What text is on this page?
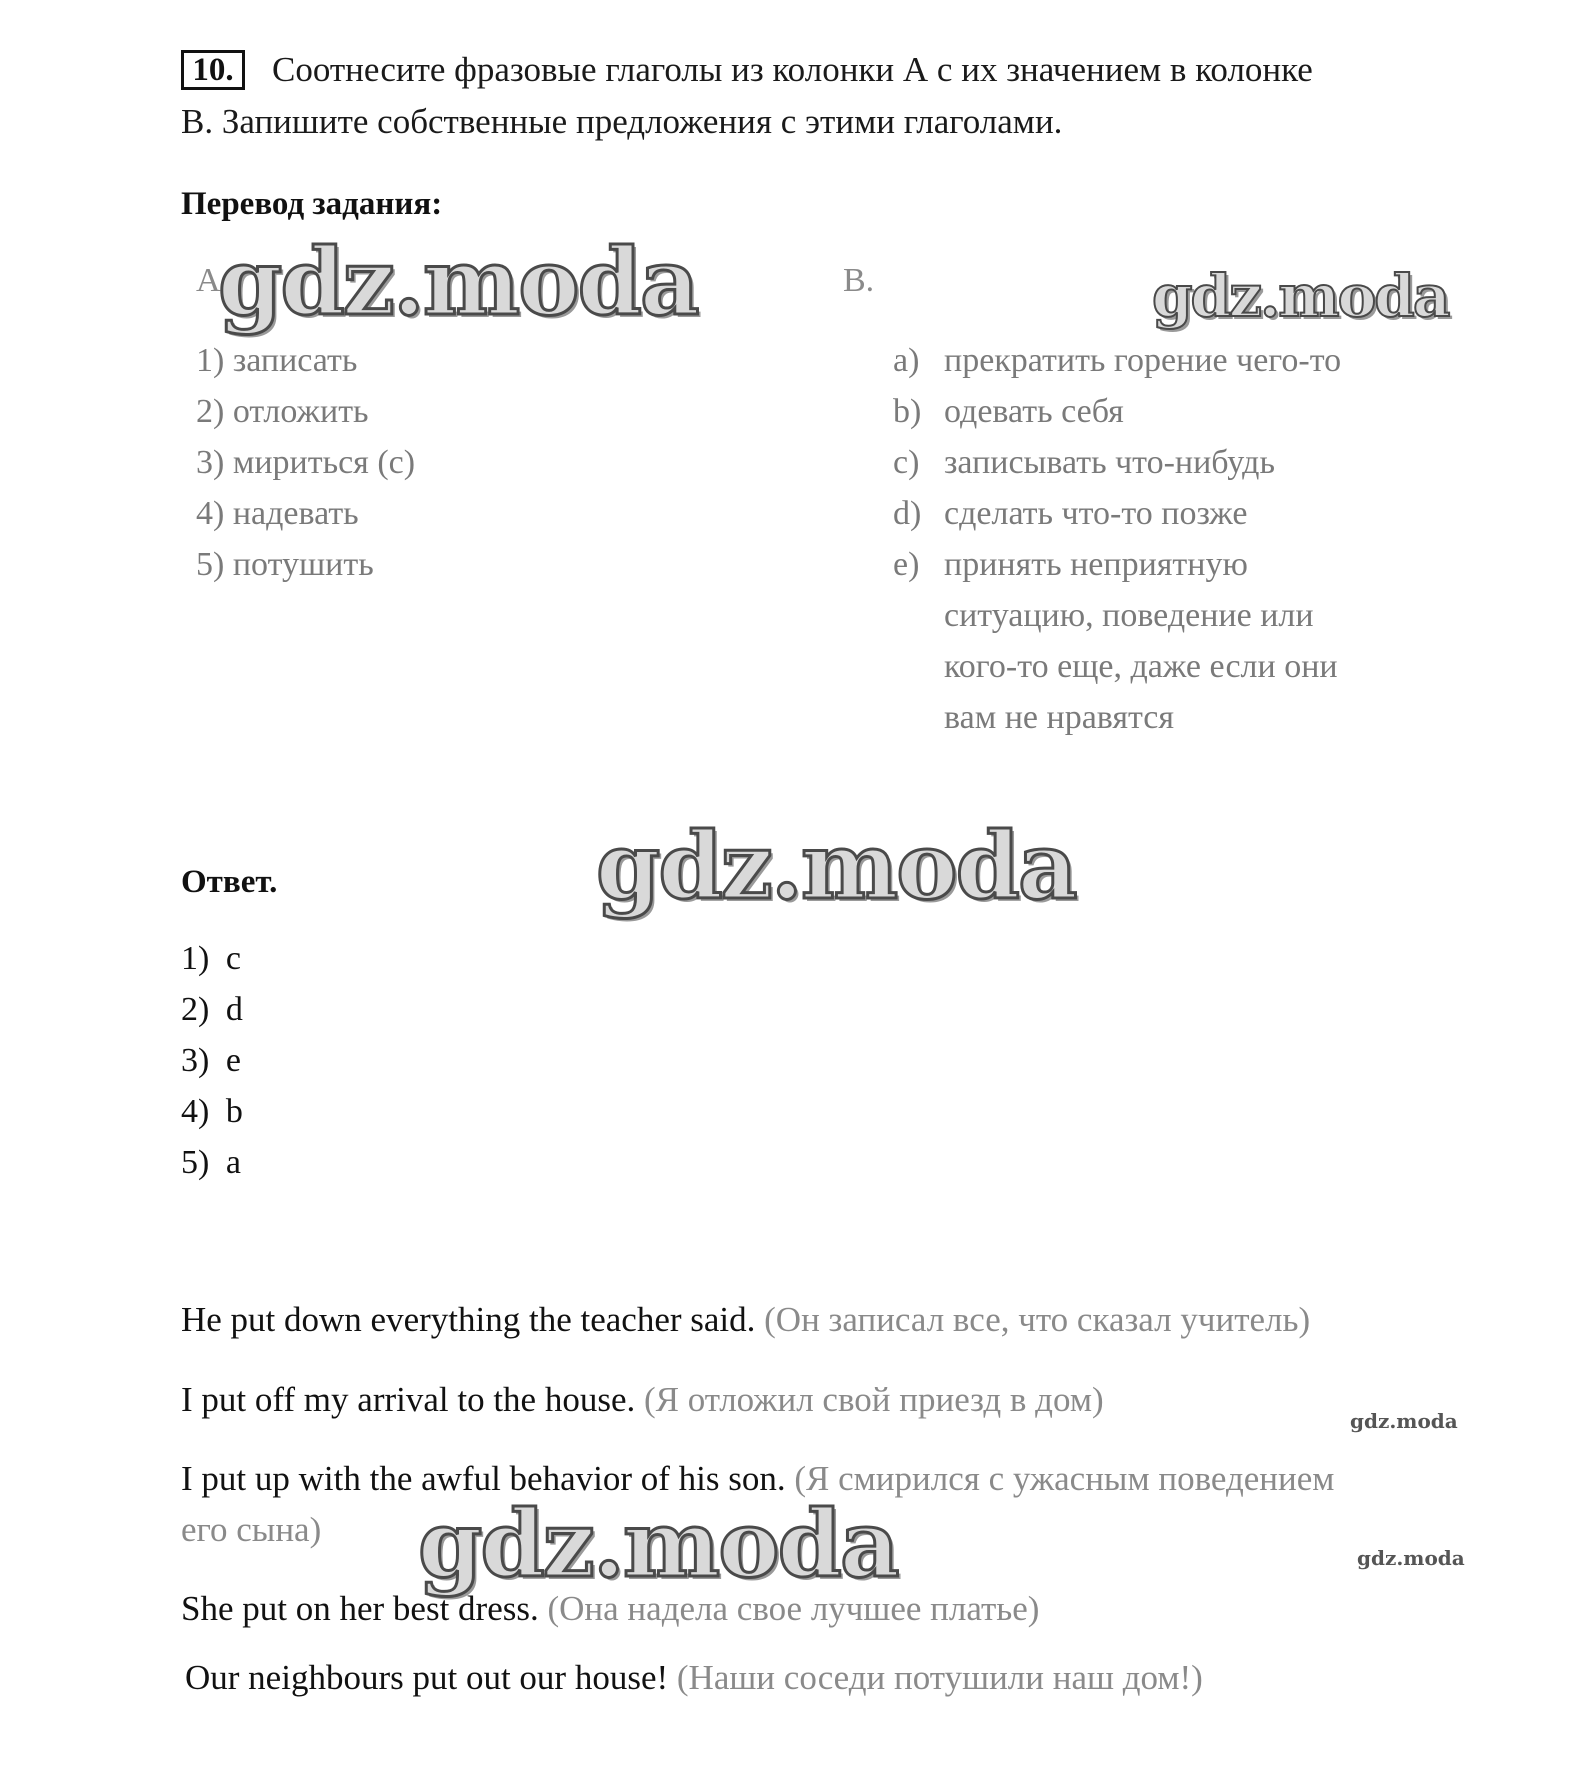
10.	Соотнесите фразовые глаголы из колонки А с их значением в колонке
В. Запишите собственные предложения с этими глаголами.
Перевод задания:
A	B.
1) записать
2) отложить
3) мириться (с)
4) надевать
5) потушить
a) прекратить горение чего-то
b) одевать себя
c) записывать что-нибудь
d) сделать что-то позже
e) принять неприятную
ситуацию, поведение или
кого-то еще, даже если они
вам не нравятся
Ответ.
1) c
2) d
3) e
4) b
5) a
He put down everything the teacher said. (Он записал все, что сказал учитель)
I put off my arrival to the house. (Я отложил свой приезд в дом)
I put up with the awful behavior of his son. (Я смирился с ужасным поведением
его сына)
She put on her best dress. (Она надела свое лучшее платье)
Our neighbours put out our house! (Наши соседи потушили наш дом!)
gdz.moda	gdz.moda
gdz.moda
gdz.moda
gdz.moda	gdz.moda
